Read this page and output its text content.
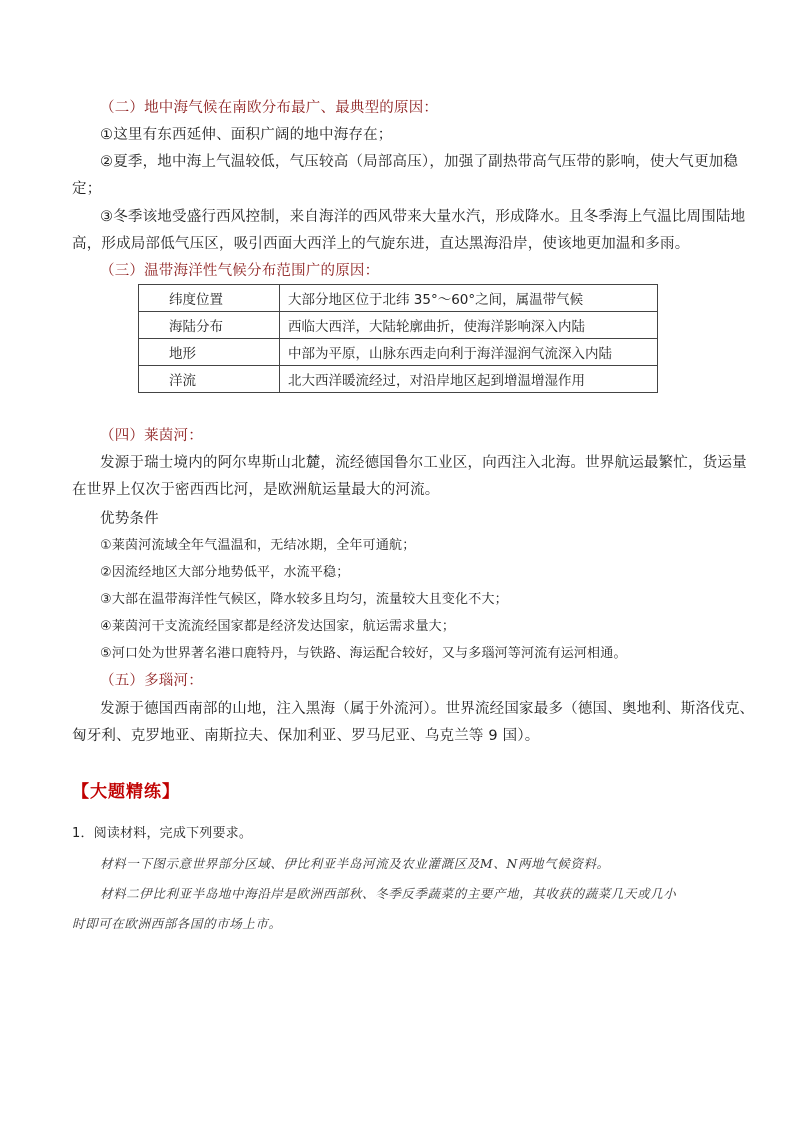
（二）地中海气候在南欧分布最广、最典型的原因：
①这里有东西延伸、面积广阔的地中海存在；
②夏季，地中海上气温较低，气压较高（局部高压），加强了副热带高气压带的影响，使大气更加稳
定；
③冬季该地受盛行西风控制，来自海洋的西风带来大量水汽，形成降水。且冬季海上气温比周围陆地
高，形成局部低气压区，吸引西面大西洋上的气旋东进，直达黑海沿岸，使该地更加温和多雨。
（三）温带海洋性气候分布范围广的原因：
纬度位置	大部分地区位于北纬 35°～60°之间，属温带气候
海陆分布	西临大西洋，大陆轮廓曲折，使海洋影响深入内陆
地形	中部为平原，山脉东西走向利于海洋湿润气流深入内陆
洋流	北大西洋暖流经过，对沿岸地区起到增温增湿作用
（四）莱茵河：
发源于瑞士境内的阿尔卑斯山北麓，流经德国鲁尔工业区，向西注入北海。世界航运最繁忙，货运量
在世界上仅次于密西西比河，是欧洲航运量最大的河流。
优势条件
①莱茵河流域全年气温温和，无结冰期，全年可通航；
②因流经地区大部分地势低平，水流平稳；
③大部在温带海洋性气候区，降水较多且均匀，流量较大且变化不大；
④莱茵河干支流流经国家都是经济发达国家，航运需求量大；
⑤河口处为世界著名港口鹿特丹，与铁路、海运配合较好，又与多瑙河等河流有运河相通。
（五）多瑙河：
发源于德国西南部的山地，注入黑海（属于外流河）。世界流经国家最多（德国、奥地利、斯洛伐克、
匈牙利、克罗地亚、南斯拉夫、保加利亚、罗马尼亚、乌克兰等 9 国）。
【大题精练】
1．阅读材料，完成下列要求。
材料一下图示意世界部分区域、伊比利亚半岛河流及农业灌溉区及M、N两地气候资料。
材料二伊比利亚半岛地中海沿岸是欧洲西部秋、冬季反季蔬菜的主要产地，其收获的蔬菜几天或几小
时即可在欧洲西部各国的市场上市。
